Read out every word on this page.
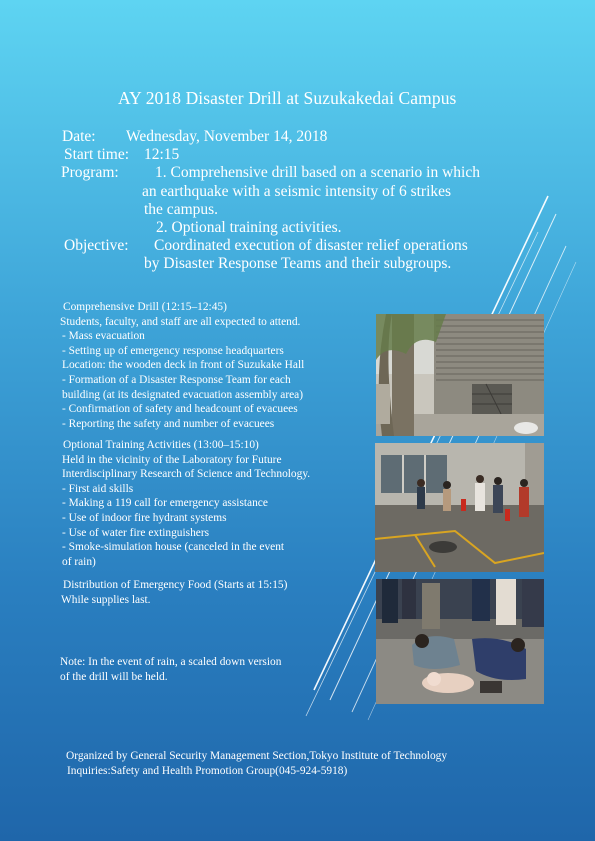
AY 2018 Disaster Drill at Suzukakedai Campus
Date: Wednesday, November 14, 2018
Start time: 12:15
Program: 1. Comprehensive drill based on a scenario in which
an earthquake with a seismic intensity of 6 strikes
the campus.
2. Optional training activities.
Objective: Coordinated execution of disaster relief operations
by Disaster Response Teams and their subgroups.
Comprehensive Drill (12:15–12:45)
Students, faculty, and staff are all expected to attend.
- Mass evacuation
- Setting up of emergency response headquarters
Location: the wooden deck in front of Suzukake Hall
- Formation of a Disaster Response Team for each
building (at its designated evacuation assembly area)
- Confirmation of safety and headcount of evacuees
- Reporting the safety and number of evacuees
Optional Training Activities (13:00–15:10)
Held in the vicinity of the Laboratory for Future
Interdisciplinary Research of Science and Technology.
- First aid skills
- Making a 119 call for emergency assistance
- Use of indoor fire hydrant systems
- Use of water fire extinguishers
- Smoke-simulation house (canceled in the event
of rain)
Distribution of Emergency Food (Starts at 15:15)
While supplies last.
Note: In the event of rain, a scaled down version
of the drill will be held.
Organized by General Security Management Section,Tokyo Institute of Technology
Inquiries:Safety and Health Promotion Group(045-924-5918)
